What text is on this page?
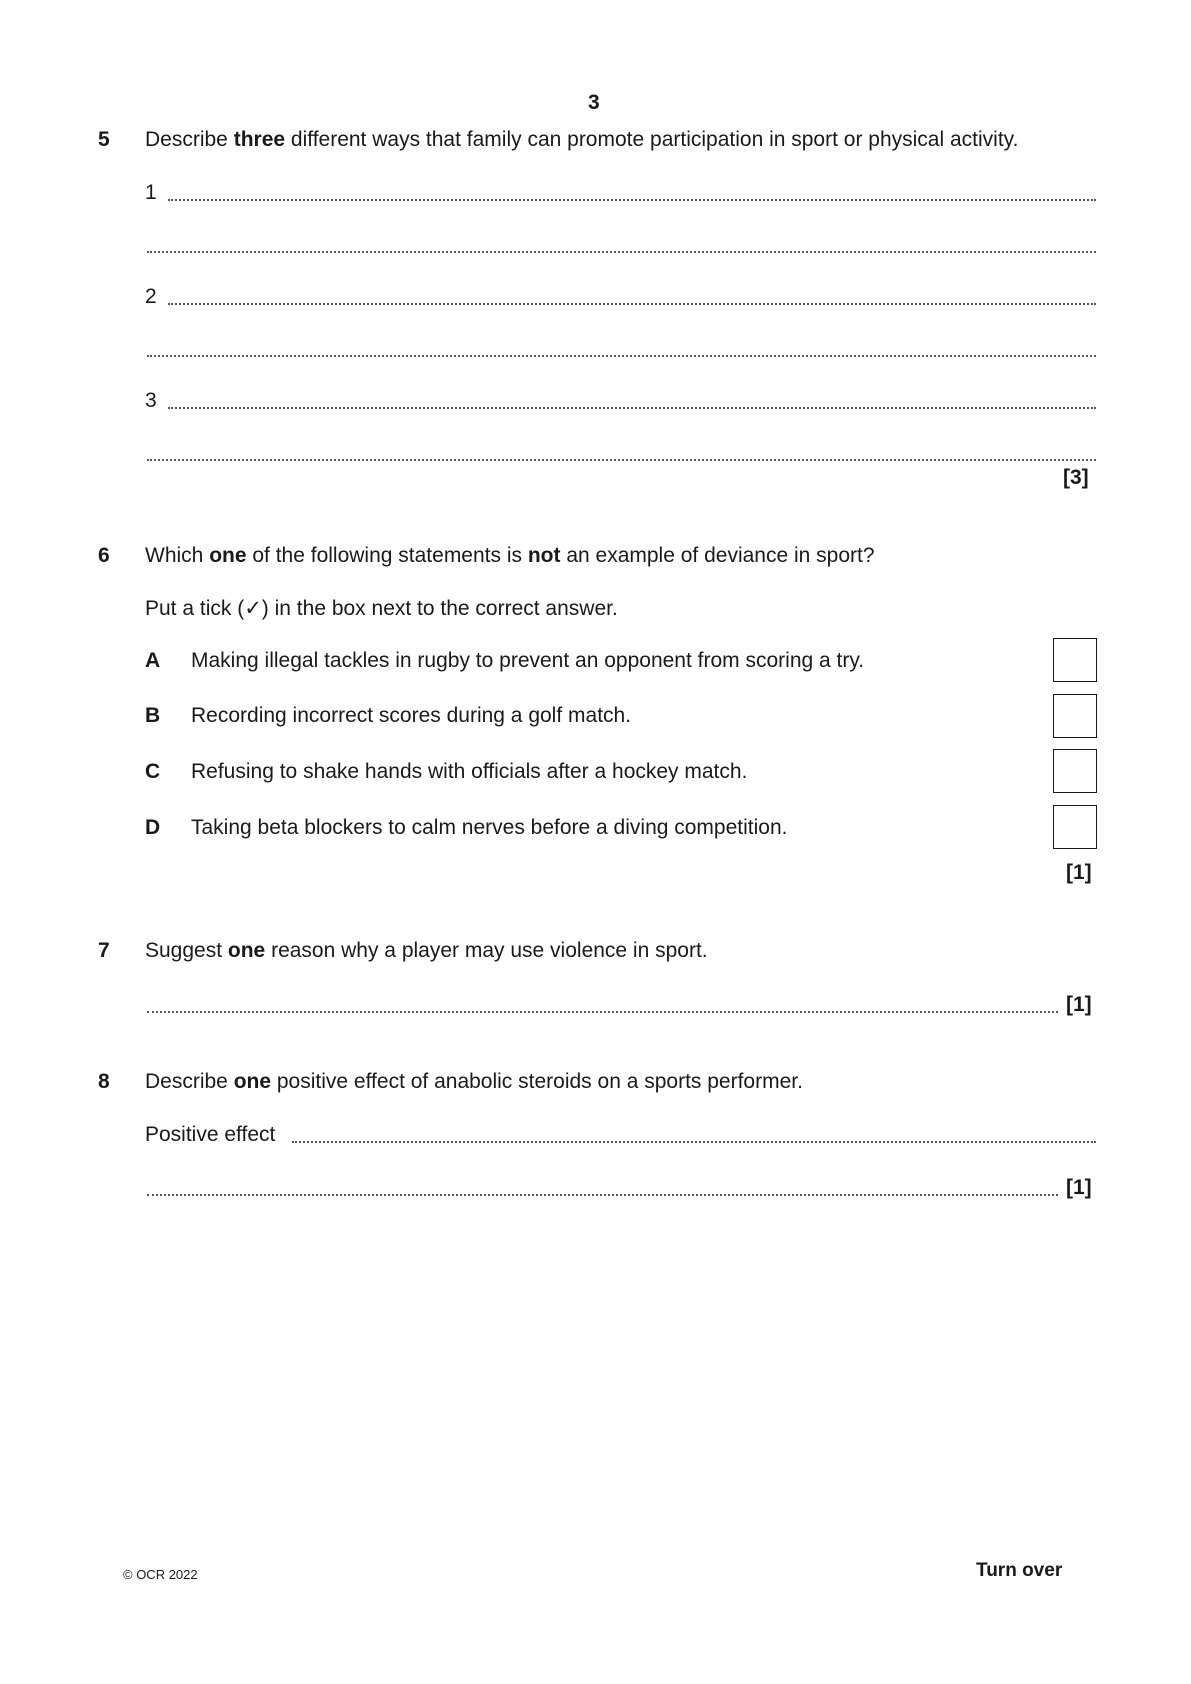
3
5 Describe three different ways that family can promote participation in sport or physical activity.
1
2
3
[3]
6 Which one of the following statements is not an example of deviance in sport?
Put a tick (✓) in the box next to the correct answer.
A Making illegal tackles in rugby to prevent an opponent from scoring a try.
B Recording incorrect scores during a golf match.
C Refusing to shake hands with officials after a hockey match.
D Taking beta blockers to calm nerves before a diving competition.
[1]
7 Suggest one reason why a player may use violence in sport.
[1]
8 Describe one positive effect of anabolic steroids on a sports performer.
Positive effect
[1]
© OCR 2022	Turn over
